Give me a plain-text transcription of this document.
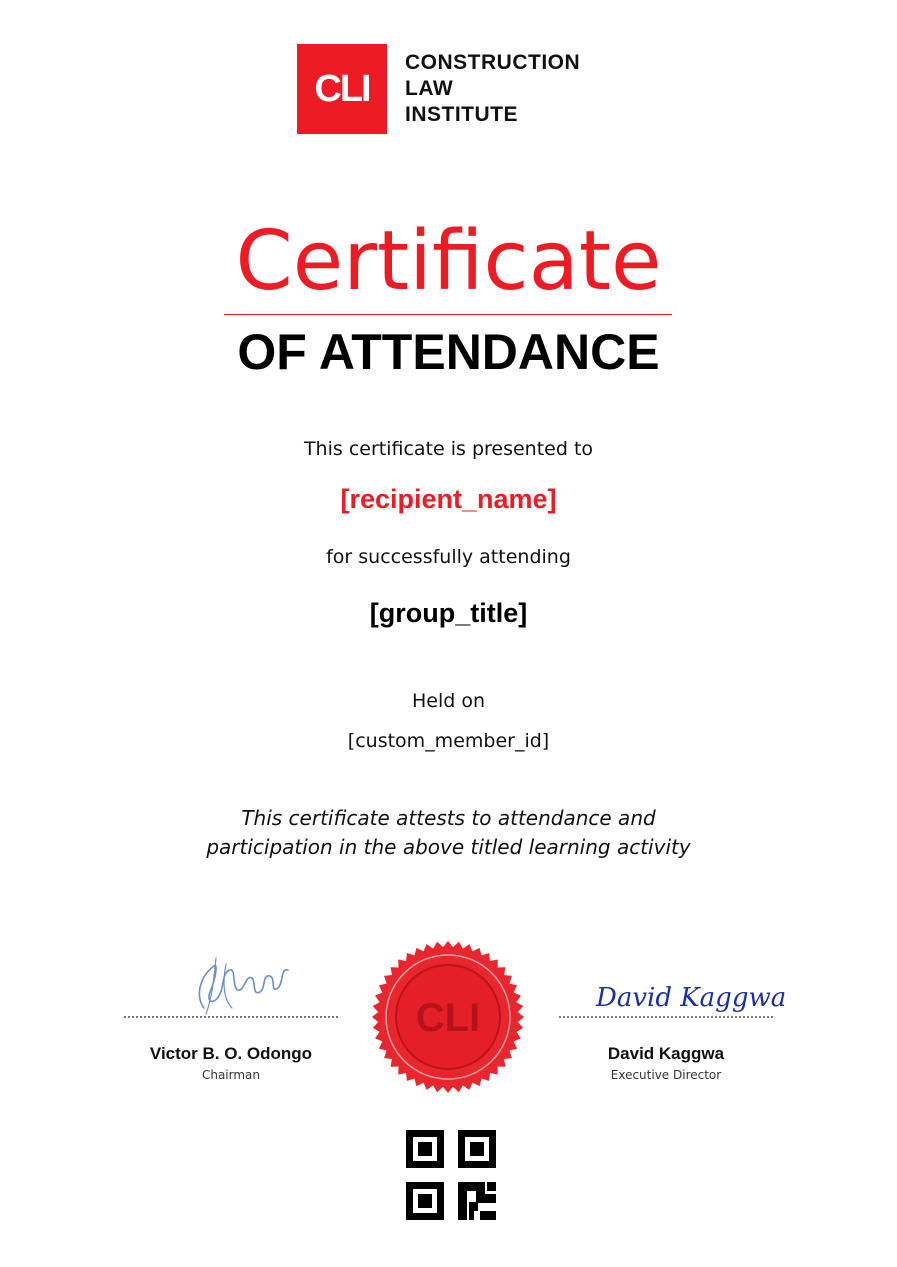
CLI
CONSTRUCTION
LAW
INSTITUTE
Certificate
OF ATTENDANCE
This certificate is presented to
[recipient_name]
for successfully attending
[group_title]
Held on
[custom_member_id]
This certificate attests to attendance and
participation in the above titled learning activity
Victor B. O. Odongo
Chairman
CLI	David Kaggwa
David Kaggwa
Executive Director
